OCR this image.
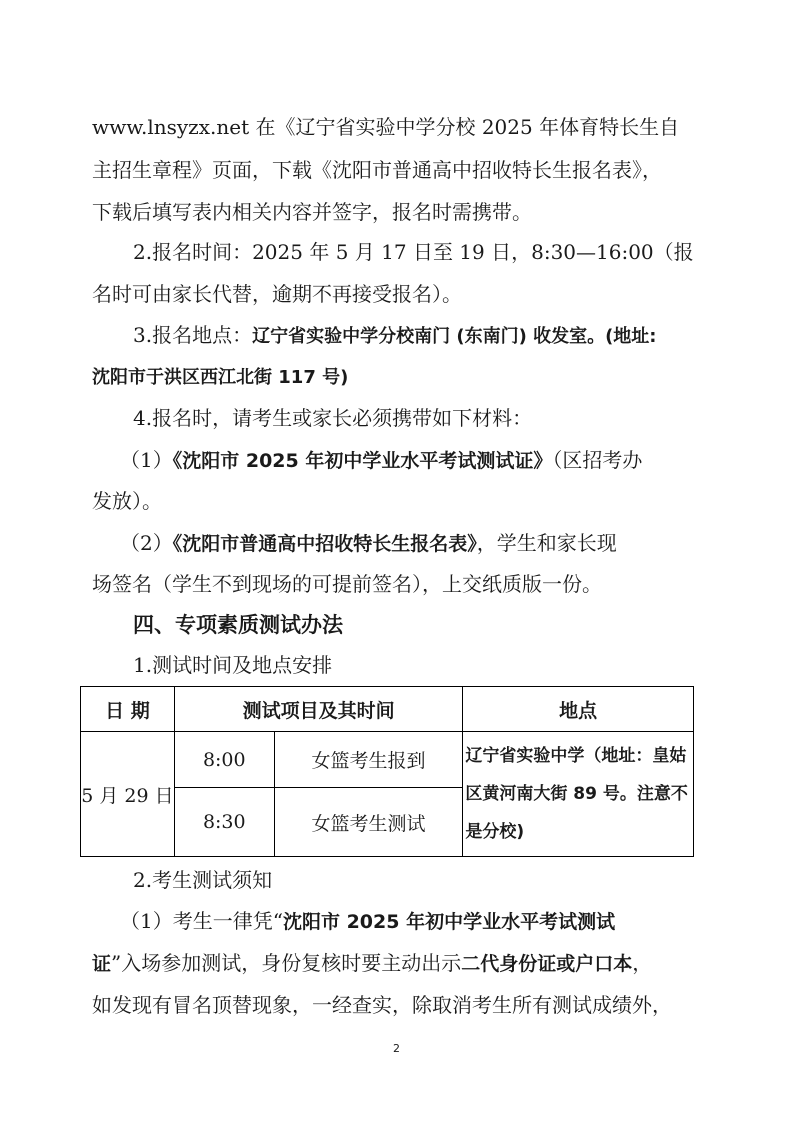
www.lnsyzx.net 在《辽宁省实验中学分校 2025 年体育特长生自
主招生章程》页面，下载《沈阳市普通高中招收特长生报名表》，
下载后填写表内相关内容并签字，报名时需携带。
2.报名时间：2025 年 5 月 17 日至 19 日，8:30—16:00（报
名时可由家长代替，逾期不再接受报名）。
3.报名地点：辽宁省实验中学分校南门 (东南门) 收发室。(地址:
沈阳市于洪区西江北街 117 号)
4.报名时，请考生或家长必须携带如下材料：
（1）《沈阳市 2025 年初中学业水平考试测试证》（区招考办
发放）。
（2）《沈阳市普通高中招收特长生报名表》，学生和家长现
场签名（学生不到现场的可提前签名），上交纸质版一份。
四、专项素质测试办法
1.测试时间及地点安排
日 期	测试项目及其时间		地点
5 月 29 日	8:00	女篮考生报到	辽宁省实验中学（地址：皇姑区黄河南大街 89 号。注意不是分校)
	8:30	女篮考生测试	
2.考生测试须知
（1）考生一律凭“沈阳市 2025 年初中学业水平考试测试
证”入场参加测试，身份复核时要主动出示二代身份证或户口本，
如发现有冒名顶替现象，一经查实，除取消考生所有测试成绩外，
2
